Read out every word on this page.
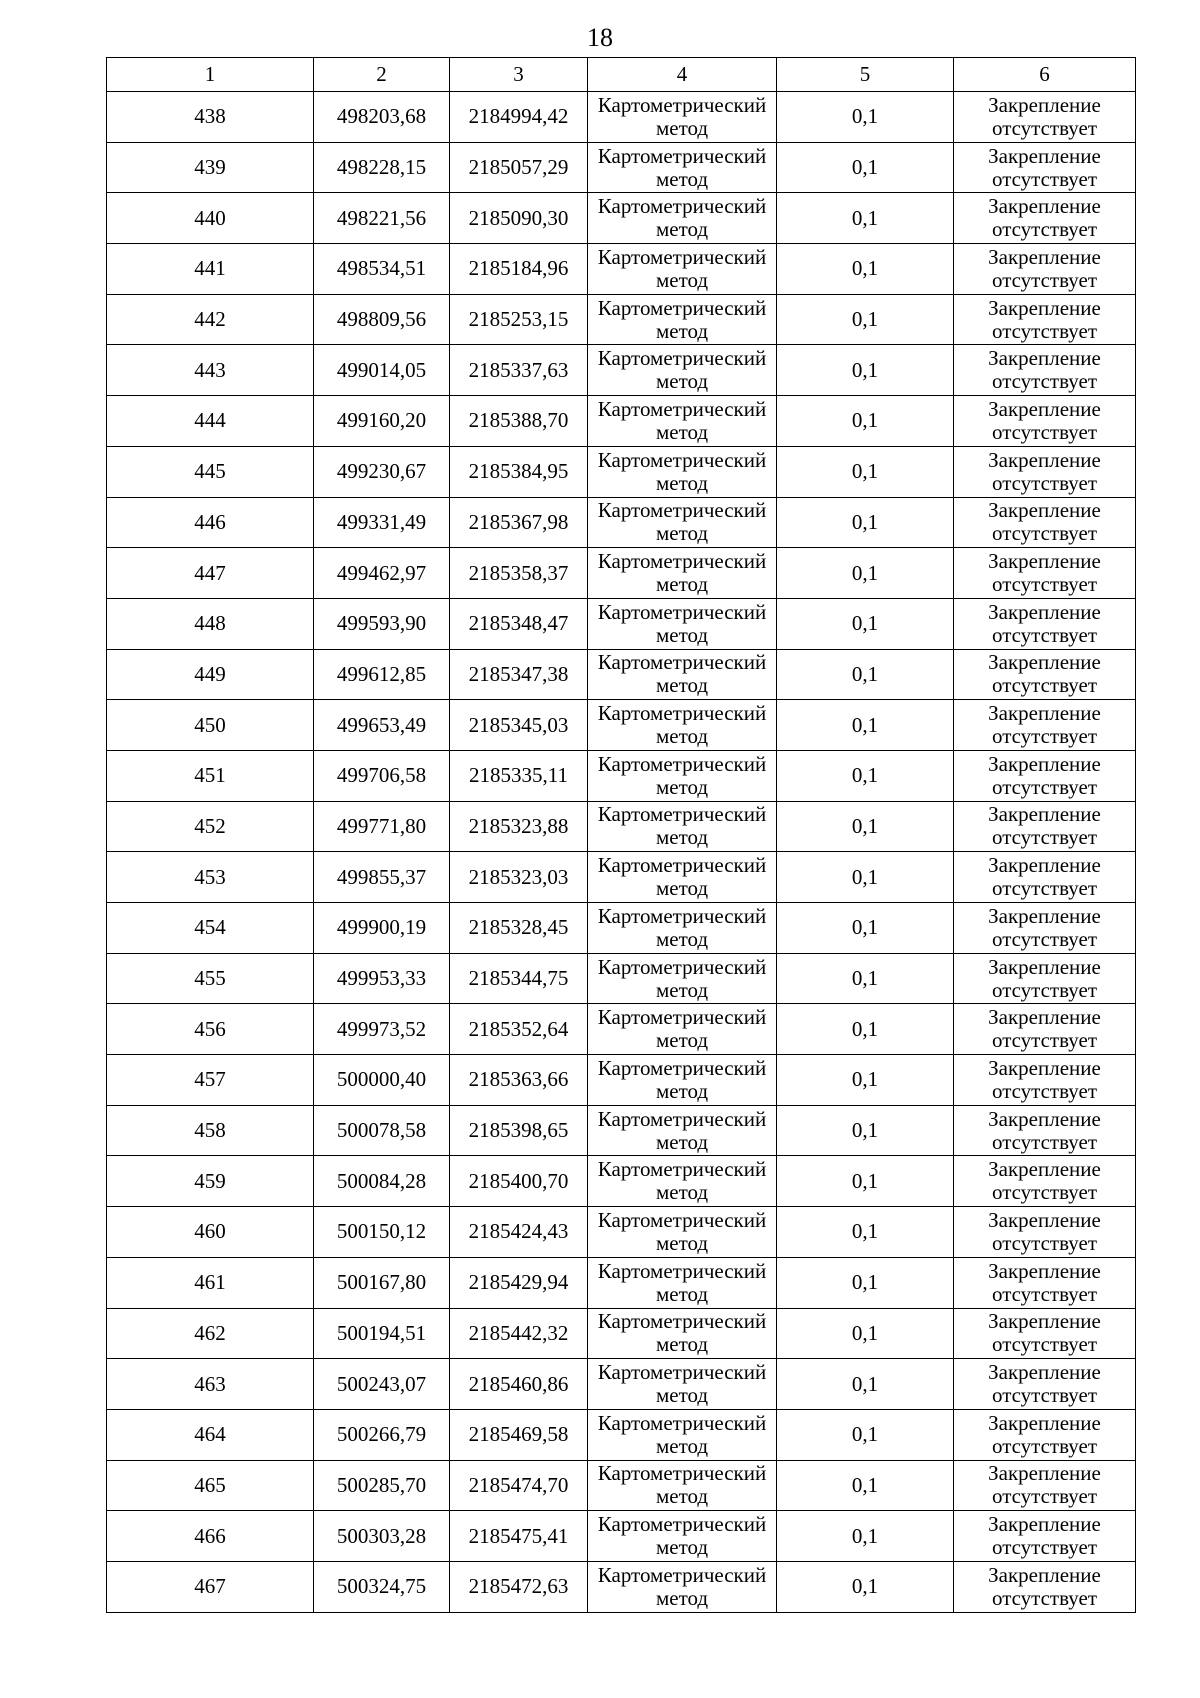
18
1	2	3	4	5	6
438	498203,68	2184994,42	Картометрический
метод	0,1	Закрепление
отсутствует

439	498228,15	2185057,29	Картометрический
метод	0,1	Закрепление
отсутствует

440	498221,56	2185090,30	Картометрический
метод	0,1	Закрепление
отсутствует

441	498534,51	2185184,96	Картометрический
метод	0,1	Закрепление
отсутствует

442	498809,56	2185253,15	Картометрический
метод	0,1	Закрепление
отсутствует

443	499014,05	2185337,63	Картометрический
метод	0,1	Закрепление
отсутствует

444	499160,20	2185388,70	Картометрический
метод	0,1	Закрепление
отсутствует

445	499230,67	2185384,95	Картометрический
метод	0,1	Закрепление
отсутствует

446	499331,49	2185367,98	Картометрический
метод	0,1	Закрепление
отсутствует

447	499462,97	2185358,37	Картометрический
метод	0,1	Закрепление
отсутствует

448	499593,90	2185348,47	Картометрический
метод	0,1	Закрепление
отсутствует

449	499612,85	2185347,38	Картометрический
метод	0,1	Закрепление
отсутствует

450	499653,49	2185345,03	Картометрический
метод	0,1	Закрепление
отсутствует

451	499706,58	2185335,11	Картометрический
метод	0,1	Закрепление
отсутствует

452	499771,80	2185323,88	Картометрический
метод	0,1	Закрепление
отсутствует

453	499855,37	2185323,03	Картометрический
метод	0,1	Закрепление
отсутствует

454	499900,19	2185328,45	Картометрический
метод	0,1	Закрепление
отсутствует

455	499953,33	2185344,75	Картометрический
метод	0,1	Закрепление
отсутствует

456	499973,52	2185352,64	Картометрический
метод	0,1	Закрепление
отсутствует

457	500000,40	2185363,66	Картометрический
метод	0,1	Закрепление
отсутствует

458	500078,58	2185398,65	Картометрический
метод	0,1	Закрепление
отсутствует

459	500084,28	2185400,70	Картометрический
метод	0,1	Закрепление
отсутствует

460	500150,12	2185424,43	Картометрический
метод	0,1	Закрепление
отсутствует

461	500167,80	2185429,94	Картометрический
метод	0,1	Закрепление
отсутствует

462	500194,51	2185442,32	Картометрический
метод	0,1	Закрепление
отсутствует

463	500243,07	2185460,86	Картометрический
метод	0,1	Закрепление
отсутствует

464	500266,79	2185469,58	Картометрический
метод	0,1	Закрепление
отсутствует

465	500285,70	2185474,70	Картометрический
метод	0,1	Закрепление
отсутствует

466	500303,28	2185475,41	Картометрический
метод	0,1	Закрепление
отсутствует

467	500324,75	2185472,63	Картометрический
метод	0,1	Закрепление
отсутствует
